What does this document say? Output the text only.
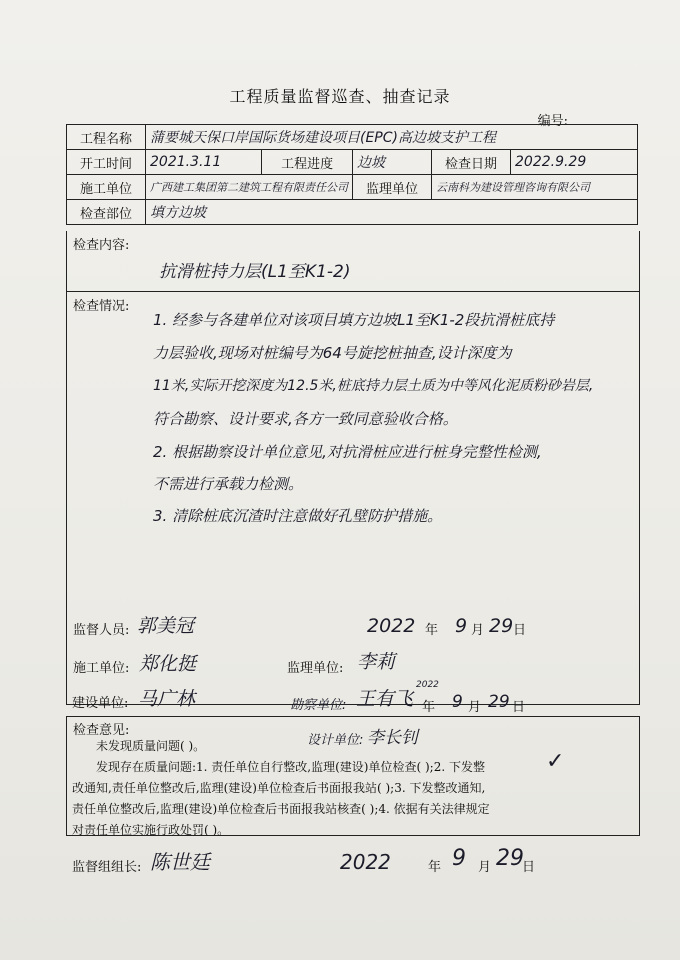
工程质量监督巡查、抽查记录
编号:
工程名称	蒲要城天保口岸国际货场建设项目(EPC)高边坡支护工程				
开工时间	2021.3.11	工程进度	边坡	检查日期	2022.9.29
施工单位	广西建工集团第二建筑工程有限责任公司		监理单位	云南科为建设管理咨询有限公司	
检查部位	填方边坡				
检查内容:
抗滑桩持力层(L1至K1-2)
检查情况:
1. 经参与各建单位对该项目填方边坡L1至K1-2段抗滑桩底持
力层验收,现场对桩编号为64号旋挖桩抽查,设计深度为
11米,实际开挖深度为12.5米,桩底持力层土质为中等风化泥质粉砂岩层,
符合勘察、设计要求,各方一致同意验收合格。
2. 根据勘察设计单位意见,对抗滑桩应进行桩身完整性检测,
不需进行承载力检测。
3. 清除桩底沉渣时注意做好孔壁防护措施。
监督人员: 郭美冠	2022 年 9 月 29 日
施工单位: 郑化挺	监理单位: 李莉
建设单位: 马广林	勘察单位: 王有飞
2022
年 9 月 29 日
检查意见:
设计单位: 李长钊
未发现质量问题( )。
发现存在质量问题:1. 责任单位自行整改,监理(建设)单位检查( );2. 下发整	✓
改通知,责任单位整改后,监理(建设)单位检查后书面报我站( );3. 下发整改通知,
责任单位整改后,监理(建设)单位检查后书面报我站核查( );4. 依据有关法律规定
对责任单位实施行政处罚( )。
监督组组长: 陈世廷	2022	年 9 月 29
日
